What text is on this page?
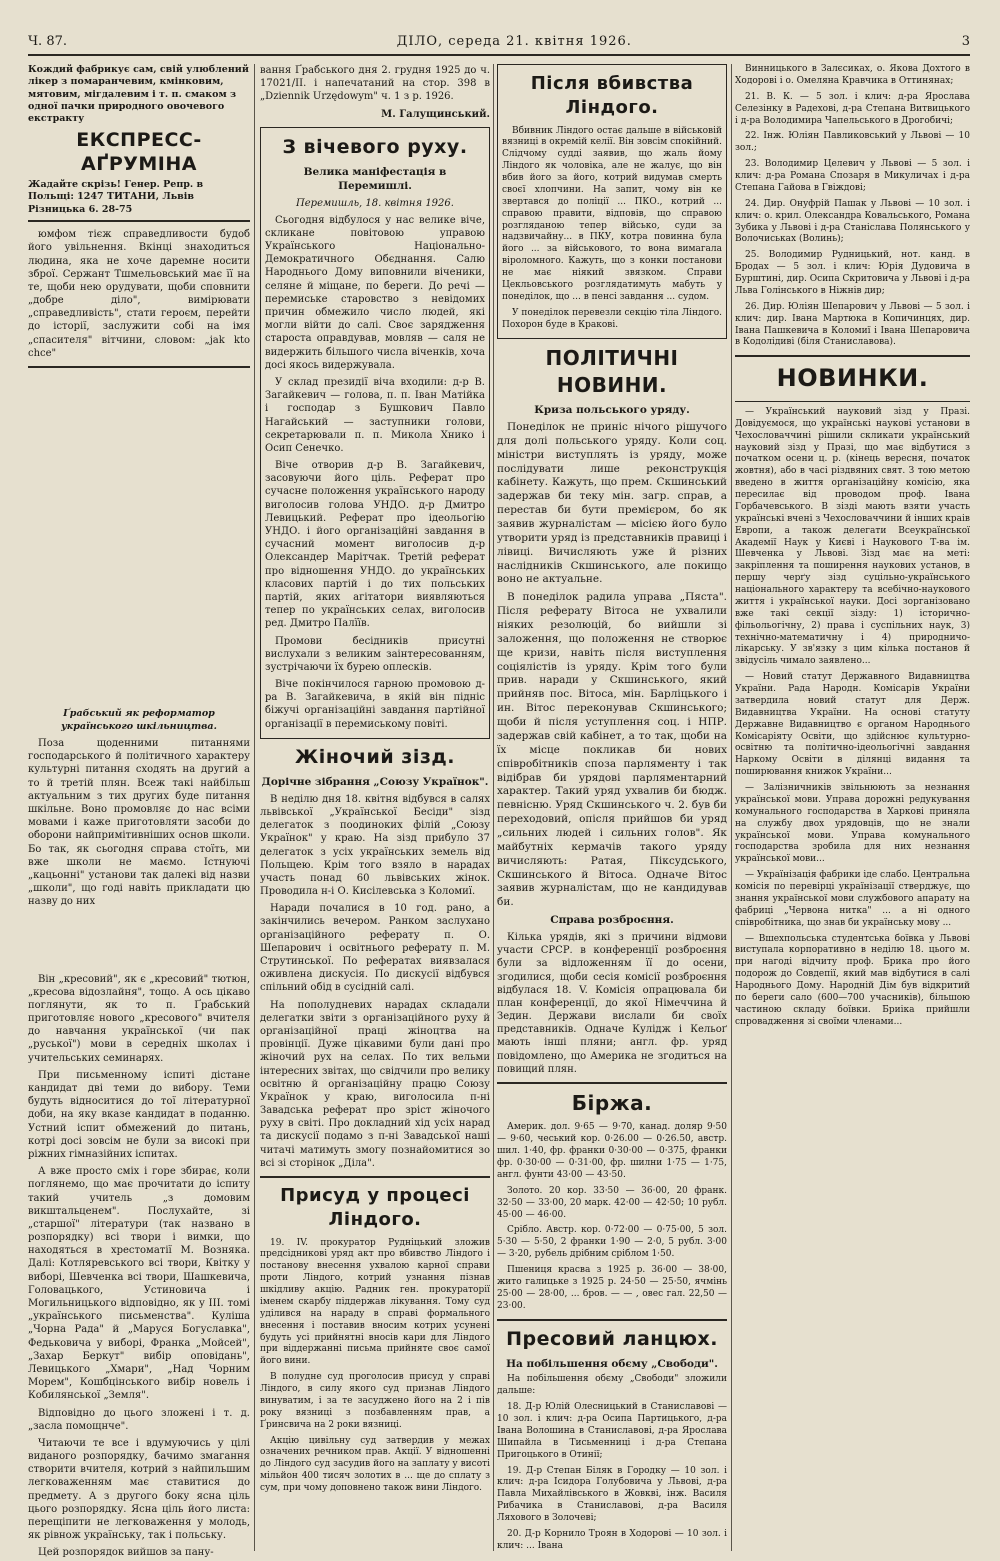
Ч. 87.	ДІЛО, середа 21. квітня 1926.	3
Кождий фабрикує сам, свій улюблений лікер з помаранчевим, кмінковим, мятовим, мігдалевим і т. п. смаком з одної пачки природного овочевого екстракту
ЕКСПРЕСС-АҐРУМІНА
Жадайте скрізь! Генер. Репр. в Польщі: 1247 ТИТАНИ, Львів Різницька 6. 28-75

юмфом тієж справедливости будоб його увільнення. Вкінці знаходиться людина, яка не хоче даремне носити зброї. Сержант Тшмельовський має її на те, щоби нею орудувати, щоби сповнити „добре діло", вимірювати „справедливість", стати героєм, перейти до історії, заслужити собі на імя „спасителя" вітчини, словом: „jak kto chce"

Ґрабський як реформатор українського шкільництва.

Поза щоденними питаннями господарського й політичного характеру культурні питання сходять на другий а то й третій плян. Всеж такі найбільш актуальним з тих других буде питання шкільне. Воно промовляє до нас всіми мовами і каже приготовляти засоби до оборони найпримітивніших основ школи. Бо так, як сьогодня справа стоїть, ми вже школи не маємо. Істнуючі „кацьонні" установи так далекі від назви „школи", що годі навіть прикладати цю назву до них

Він „кресовий", як є „кресовий" тютюн, „кресова відозлайня", тощо. А ось цікаво поглянути, як то п. Ґрабський приготовляє нового „кресового" вчителя до навчання української (чи пак „руської") мови в середніх школах і учительських семинарях.

При письменному іспиті дістане кандидат дві теми до вибору. Теми будуть відноситися до тої літературної доби, на яку вказе кандидат в поданню. Устний іспит обмежений до питань, котрі досі зовсім не були за високі при ріжних гімназійних іспитах.

А вже просто сміх і горе збирає, коли поглянемо, що має прочитати до іспиту такий учитель „з домовим викштальценем". Послухайте, зі „старшої" літератури (так названо в розпорядку) всі твори і вимки, що находяться в хрестоматії М. Возняка. Далі: Котляревського всі твори, Квітку у виборі, Шевченка всі твори, Шашкевича, Головацького, Устиновича і Могильницького відповідно, як у ІІІ. томі „українського письменства". Куліша „Чорна Рада" й „Маруся Богуславка", Федьковича у виборі, Франка „Мойсей", „Захар Беркут" вибір оповідань", Левицького „Хмари", „Над Чорним Морем", Кошбцінського вибір новель і Кобилянської „Земля".

Відповідно до цього зложені і т. д. „засла помощнче".

Читаючи те все і вдумуючись у цілі виданого розпорядку, бачимо змагання створити вчителя, котрий з найпильшим легковаженням має ставитися до предмету. А з другого боку ясна ціль цього розпорядку. Ясна ціль його листа: перещіпити не легковаження у молодь, як рівнож українську, так і польську.

Цей розпорядок вийшов за пану-

вання Ґрабського дня 2. грудня 1925 до ч. 17021/ІІ. і напечатаний на стор. 398 в „Dziennik Urzędowym" ч. 1 з р. 1926.

М. Галущинський.
З вічевого руху.
Велика маніфестація в Перемишлі.
Перемишль, 18. квітня 1926.

Сьогодня відбулося у нас велике віче, скликане повітовою управою Українського Національно-Демократичного Обєднання. Салю Народнього Дому виповнили віченики, селяне й міщане, по береги. До речі — перемиське старовство з невідомих причин обмежило число людей, які могли війти до салі. Своє зарядження староста оправдував, мовляв — саля не видержить більшого числа віченків, хоча досі якось видержувала.

У склад президії віча входили: д-р В. Загайкевич — голова, п. п. Іван Матійка і господар з Бушкович Павло Нагайський — заступники голови, секретарювали п. п. Микола Хнико і Осип Сенечко.

Віче отворив д-р В. Загайкевич, засовуючи його ціль. Реферат про сучасне положення українського народу виголосив голова УНДО. д-р Дмитро Левицький. Реферат про ідеольогію УНДО. і його організаційні завдання в сучасний момент виголосив д-р Олександер Марітчак. Третій реферат про відношення УНДО. до українських класових партій і до тих польських партій, яких агітатори виявляються тепер по українських селах, виголосив ред. Дмитро Палїїв.

Промови бесідників присутні вислухали з великим заінтересованням, зустрічаючи їх бурею оплесків.

Віче покінчилося гарною промовою д-ра В. Загайкевича, в якій він підніс біжучі організаційні завдання партійної організації в перемиському повіті.

Жіночий зізд.
Дорічне зібрання „Союзу Українок".

В неділю дня 18. квітня відбувся в салях львівської „Української Бесіди" зізд делегаток з поодиноких філій „Союзу Українок" у краю. На зізд прибуло 37 делегаток з усіх українських земель від Польщею. Крім того взяло в нарадах участь понад 60 львівських жінок. Проводила н-і О. Кисілевська з Коломиї.

Наради почалися в 10 год. рано, а закінчились вечером. Ранком заслухано організаційного реферату п. О. Шепарович і освітнього реферату п. М. Струтинської. По рефератах виявзалася оживлена дискусія. По дискусії відбувся спільний обід в сусідній салі.

На пополудневих нарадах складали делегатки звіти з організаційного руху й організаційної праці жіноцтва на провінції. Дуже цікавими були дані про жіночий рух на селах. По тих вельми інтересних звітах, що свідчили про велику освітню й організаційну працю Союзу Українок у краю, виголосила п-ні Завадська реферат про зріст жіночого руху в світі. Про докладний хід усіх нарад та дискусії подамо з п-ні Завадської наші читачі матимуть змогу познайомитися зо всі зі сторінок „Діла".

Присуд у процесі Ліндого.

19. IV. прокуратор Рудніцький зложив предсідникові уряд акт про вбивство Ліндого і постанову внесення ухвалою карної справи проти Ліндого, котрий узнання пізнав шкідливу акцію. Радник ген. прокураторії іменем скарбу піддержав лікування. Тому суд уділився на нараду в справі формального внесення і поставив вносим котрих усунені будуть усі прийнятні вносів кари для Ліндого при віддержанні письма прийняте своє самої його вини.

В полудне суд проголосив присуд у справі Ліндого, в силу якого суд признав Ліндого винуватим, і за те засуджено його на 2 і пів року вязниці з позбавленням прав, а Ґринсвича на 2 роки вязниці.

Акцію цивільну суд затвердив у межах означених речником прав. Акції. У відношенні до Ліндого суд засудив його на заплату у висоті мільйон 400 тисяч золотих в ... ще до сплату з сум, при чому доповнено також вини Ліндого.

Після вбивства Ліндого.

Вбивник Ліндого остає дальше в військовій вязниці в окремій келії. Він зовсім спокійний. Слідчому судді заявив, що жаль йому Ліндого як чоловіка, але не жалує, що він вбив його за його, котрий видумав смерть своєї хлопчини. На запит, чому він ке звертався до поліції ... ПКО., котрий ... справою правити, відповів, що справою розгляданою тепер військо, суди за надзвичайну... в ПКУ, котра повинна була його ... за військового, то вона вимагала віроломного. Кажуть, що з конки постанови не має ніякий звязком. Справи Цекльовського розглядатимуть мабуть у понеділок, що ... в пенсі завдання ... судом.

У понеділок перевезли секцію тіла Ліндого. Похорон буде в Кракові.

ПОЛІТИЧНІ НОВИНИ.
Криза польського уряду.

Понеділок не приніс нічого рішучого для долі польського уряду. Коли соц. міністри виступлять із уряду, може послідувати лише реконструкція кабінету. Кажуть, що прем. Скшинський задержав би теку мін. загр. справ, а перестав би бути премієром, бо як заявив журналістам — місією його було утворити уряд із представників правиці і лівиці. Вичисляють уже й різних наслідників Скшинського, але покищо воно не актуальне.

В понеділок радила управа „Пяста". Після реферату Вітоса не ухвалили ніяких резолюцій, бо вийшли зі заложення, що положення не створює ще кризи, навіть після виступлення соціялістів із уряду. Крім того були прив. наради у Скшинського, який прийняв пос. Вітоса, мін. Барліцького і ин. Вітос переконував Скшинського; щоби й після уступлення соц. і НПР. задержав свій кабінет, а то так, щоби на їх місце покликав би нових співробітників споза парляменту і так відібрав би урядові парляментарний характер. Такий уряд ухвалив би бюдж. певнісню. Уряд Скшинського ч. 2. був би переходовий, опісля прийшов би уряд „сильних людей і сильних голов". Як майбутніх кермачів такого уряду вичисляють: Ратая, Піксудського, Скшинського й Вітоса. Одначе Вітос заявив журналістам, що не кандидував би.

Справа розброєння.

Кілька урядів, які з причини відмови участи СРСР. в конференції розброєння були за відложенням її до осени, згодилися, щоби сесія комісії розброєння відбулася 18. V. Комісія опрацювала би план конференції, до якої Німеччина й Зедин. Держави вислали би своїх представників. Одначе Кулідж і Кельоґ мають інші пляни; англ. фр. уряд повідомлено, що Америка не згодиться на повищий плян.

Біржа.

Америк. дол. 9·65 — 9·70, канад. доляр 9·50 — 9·60, чеський кор. 0·26.00 — 0·26.50, австр. шил. 1·40, фр. франки 0·30·00 — 0·375, франки фр. 0·30·00 — 0·31·00, фр. шилни 1·75 — 1·75, англ. фунти 43·00 — 43·50.

Золото. 20 кор. 33·50 — 36·00, 20 франк. 32·50 — 33·00, 20 марк. 42·00 — 42·50; 10 рубл. 45·00 — 46·00.

Срібло. Австр. кор. 0·72·00 — 0·75·00, 5 зол. 5·30 — 5·50, 2 франки 1·90 — 2·0, 5 рубл. 3·00 — 3·20, рубель дрібним сріблом 1·50.

Пшениця красва з 1925 р. 36·00 — 38·00, жито галицьке з 1925 р. 24·50 — 25·50, ячмінь 25·00 — 28·00, ... бров. — — , овес гал. 22,50 — 23·00.

Пресовий ланцюх.
На побільшення обєму „Свободи".

На побільшення обєму „Свободи" зложили дальше:

18. Д-р Юлій Олесницький в Станиславові — 10 зол. і клич: д-ра Осипа Партицького, д-ра Івана Волошина в Станиславові, д-ра Ярослава Шипайла в Тисьменниці і д-ра Степана Пригоцького в Отинії;

19. Д-р Степан Біляк в Городку — 10 зол. і клич: д-ра Ісидора Голубовича у Львові, д-ра Павла Михайлівського в Жовкві, інж. Василя Рибачика в Станиславові, д-ра Василя Ляхового в Золочеві;

20. Д-р Корнило Троян в Ходорові — 10 зол. і клич: ... Івана

Винницького в Залєсиках, о. Якова Дохтого в Ходорові і о. Омеляна Кравчика в Оттинянах;

21. В. К. — 5 зол. і клич: д-ра Ярослава Селезінку в Радехові, д-ра Степана Витвицького і д-ра Володимира Чапельського в Дрогобичі;

22. Інж. Юліян Павликовський у Львові — 10 зол.;

23. Володимир Целевич у Львові — 5 зол. і клич: д-ра Романа Спозаря в Микуличах і д-ра Степана Гайова в Гвіждові;

24. Дир. Онуфрій Пашак у Львові — 10 зол. і клич: о. крил. Олександра Ковальського, Романа Зубика у Львові і д-ра Станіслава Полянського у Волочиськах (Волинь);

25. Володимир Рудницький, нот. канд. в Бродах — 5 зол. і клич: Юрія Дудовича в Бурштині, дир. Осипа Скритовича у Львові і д-ра Льва Голінського в Ніжнів дир;

26. Дир. Юліян Шепарович у Львові — 5 зол. і клич: дир. Івана Мартюка в Копичинцях, дир. Івана Пашкевича в Коломиї і Івана Шепаровича в Кодолідиві (біля Станиславова).

НОВИНКИ.

— Український науковий зізд у Празі. Довідуємося, що українські наукові установи в Чехословаччині рішили скликати український науковий зізд у Празі, що має відбутися з початком осени ц. р. (кінець вересня, початок жовтня), або в часі різдвяних свят. З тою метою введено в життя організаційну комісію, яка пересилає від проводом проф. Івана Горбачевського. В зізді мають взяти участь українські вчені з Чехословаччини й інших краів Европи, а також делегати Всеукраїнської Академії Наук у Києві і Наукового Т-ва ім. Шевченка у Львові. Зізд має на меті: закріплення та поширення наукових установ, в першу черґу зізд суцільно-українського національного характеру та всебічно-наукового життя і української науки. Досі зорганізовано вже такі секції зізду: 1) історично-фільольогічну, 2) права і суспільних наук, 3) технічно-математичну і 4) природничо-лікарську. У зв'язку з цим кілька постанов й звідусіль чимало заявлено...

— Новий статут Державного Видавництва України. Рада Народн. Комісарів України затвердила новий статут для Держ. Видавництва України. На основі статуту Державне Видавництво є органом Народнього Комісаріяту Освіти, що здійснює культурно-освітню та політично-ідеольогічні завдання Наркому Освіти в ділянці видання та поширювання книжок України...

— Залізничників звільнюють за незнання української мови. Управа дорожні редукування комунального господарства в Харкові приняла на службу двох урядовців, що не знали української мови. Управа комунального господарства зробила для них незнання української мови...

— Українізація фабрики іде слабо. Центральна комісія по перевірці українізації стверджує, що знання української мови службового апарату на фабриці „Червона нитка" ... а ні одного співробітника, що знав би українську мову ...

— Вшехпольська студентська боївка у Львові виступала корпоративно в неділю 18. цього м. при нагоді відчиту проф. Брика про його подорож до Совдепії, який мав відбутися в салі Народнього Дому. Народній Дім був відкритий по береги сало (600—700 учасників), більшою частиною складу боївки. Бриіка прийшли спровадження зі своїми членами...
